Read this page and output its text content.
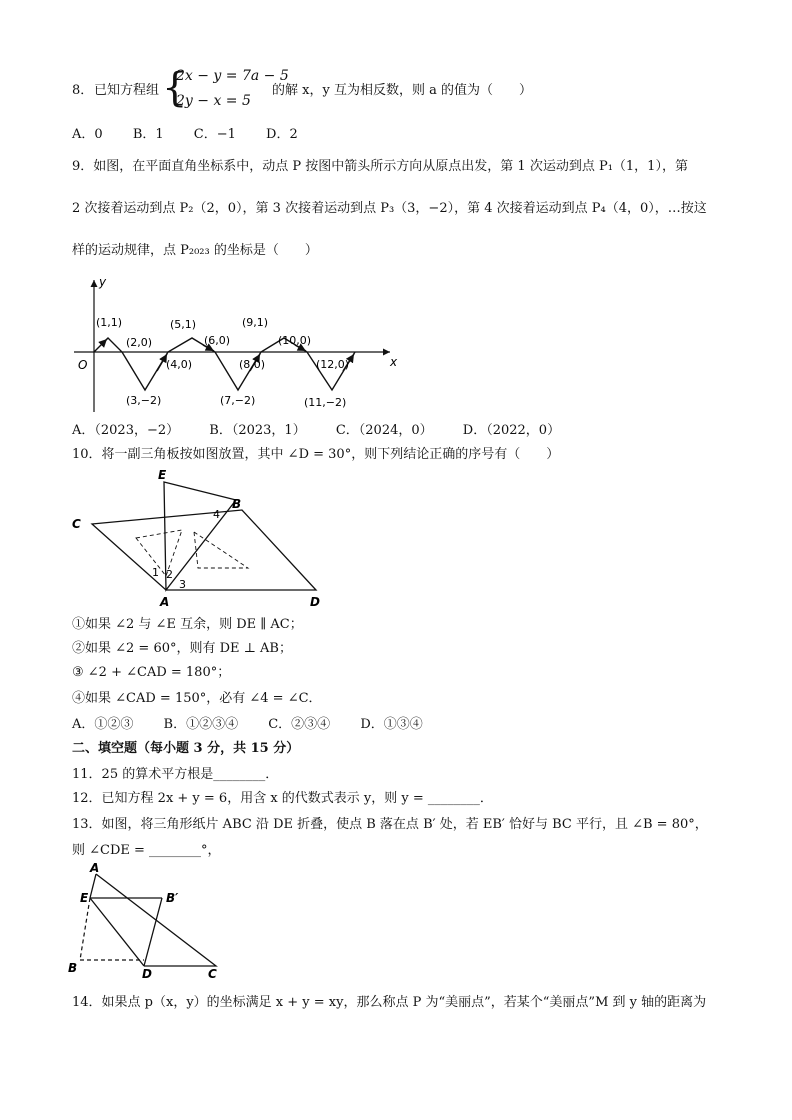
8． 已知方程组 {
2x − y = 7a − 5
2y − x = 5
的解 x，y 互为相反数，则 a 的值为（　　）
A．0 B．1 C．−1 D．2
9．如图，在平面直角坐标系中，动点 P 按图中箭头所示方向从原点出发，第 1 次运动到点 P₁（1，1），第
2 次接着运动到点 P₂（2，0），第 3 次接着运动到点 P₃（3，−2），第 4 次接着运动到点 P₄（4，0），…按这
样的运动规律，点 P₂₀₂₃ 的坐标是（　　）
y
x
O
(1,1)
(2,0)
(3,−2)
(4,0)
(5,1)
(6,0)
(7,−2)
(8,0)
(9,1)
(10,0)
(11,−2)
(12,0)
A．（2023，−2） B．（2023，1） C．（2024，0） D．（2022，0）
10．将一副三角板按如图放置，其中 ∠D = 30°，则下列结论正确的序号有（　　）
E
B
C
A	D
1 2
3
4
①如果 ∠2 与 ∠E 互余，则 DE ∥ AC；
②如果 ∠2 = 60°，则有 DE ⊥ AB；
③ ∠2 + ∠CAD = 180°；
④如果 ∠CAD = 150°，必有 ∠4 = ∠C．
A．①②③ B．①②③④ C．②③④ D．①③④
二、填空题（每小题 3 分，共 15 分）
11．25 的算术平方根是________．
12．已知方程 2x + y = 6，用含 x 的代数式表示 y，则 y = ________．
13．如图，将三角形纸片 ABC 沿 DE 折叠，使点 B 落在点 B′ 处，若 EB′ 恰好与 BC 平行，且 ∠B = 80°，
则 ∠CDE = ________°，
A
E	B′
B	D	C
14．如果点 p（x，y）的坐标满足 x + y = xy，那么称点 P 为“美丽点”，若某个“美丽点”M 到 y 轴的距离为
